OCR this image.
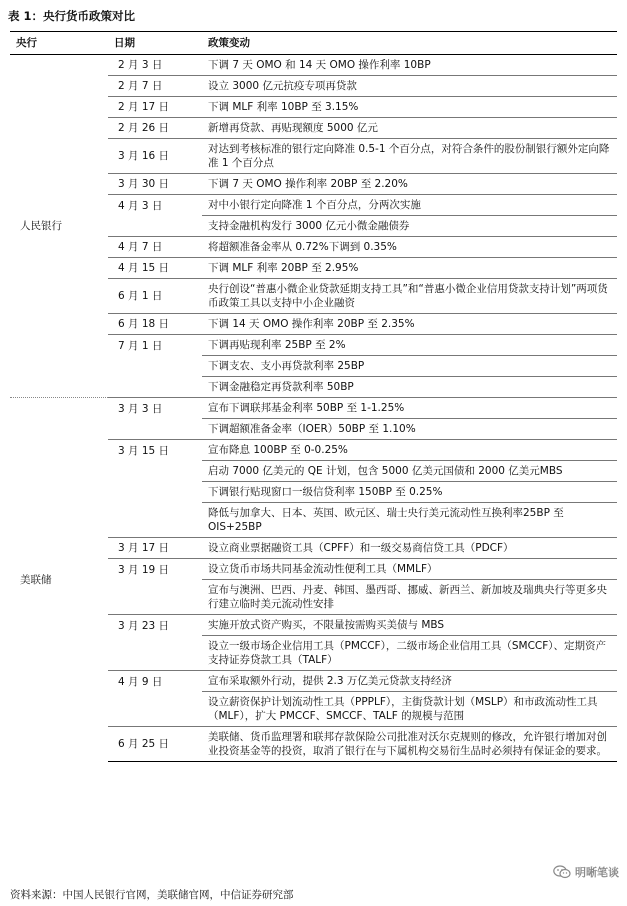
表 1：央行货币政策对比
央行	日期	政策变动
人民银行	2 月 3 日	下调 7 天 OMO 和 14 天 OMO 操作利率 10BP
	2 月 7 日	设立 3000 亿元抗疫专项再贷款
	2 月 17 日	下调 MLF 利率 10BP 至 3.15%
	2 月 26 日	新增再贷款、再贴现额度 5000 亿元
	3 月 16 日	对达到考核标准的银行定向降准 0.5-1 个百分点，对符合条件的股份制银行额外定向降准 1 个百分点
	3 月 30 日	下调 7 天 OMO 操作利率 20BP 至 2.20%
	4 月 3 日	对中小银行定向降准 1 个百分点，分两次实施
		支持金融机构发行 3000 亿元小微金融债券
	4 月 7 日	将超额准备金率从 0.72%下调到 0.35%
	4 月 15 日	下调 MLF 利率 20BP 至 2.95%
	6 月 1 日	央行创设“普惠小微企业贷款延期支持工具”和“普惠小微企业信用贷款支持计划”两项货币政策工具以支持中小企业融资
	6 月 18 日	下调 14 天 OMO 操作利率 20BP 至 2.35%
	7 月 1 日	下调再贴现利率 25BP 至 2%
		下调支农、支小再贷款利率 25BP
		下调金融稳定再贷款利率 50BP
美联储	3 月 3 日	宣布下调联邦基金利率 50BP 至 1-1.25%
		下调超额准备金率（IOER）50BP 至 1.10%
	3 月 15 日	宣布降息 100BP 至 0-0.25%
		启动 7000 亿美元的 QE 计划，包含 5000 亿美元国债和 2000 亿美元MBS
		下调银行贴现窗口一级信贷利率 150BP 至 0.25%
		降低与加拿大、日本、英国、欧元区、瑞士央行美元流动性互换利率25BP 至 OIS+25BP
	3 月 17 日	设立商业票据融资工具（CPFF）和一级交易商信贷工具（PDCF）
	3 月 19 日	设立货币市场共同基金流动性便利工具（MMLF）
		宣布与澳洲、巴西、丹麦、韩国、墨西哥、挪威、新西兰、新加坡及瑞典央行等更多央行建立临时美元流动性安排
	3 月 23 日	实施开放式资产购买，不限量按需购买美债与 MBS
		设立一级市场企业信用工具（PMCCF），二级市场企业信用工具（SMCCF）、定期资产支持证券贷款工具（TALF）
	4 月 9 日	宣布采取额外行动，提供 2.3 万亿美元贷款支持经济
		设立薪资保护计划流动性工具（PPPLF），主街贷款计划（MSLP）和市政流动性工具（MLF），扩大 PMCCF、SMCCF、TALF 的规模与范围
	6 月 25 日	美联储、货币监理署和联邦存款保险公司批准对沃尔克规则的修改，允许银行增加对创业投资基金等的投资，取消了银行在与下属机构交易衍生品时必须持有保证金的要求。
资料来源：中国人民银行官网，美联储官网，中信证券研究部
明晰笔谈
